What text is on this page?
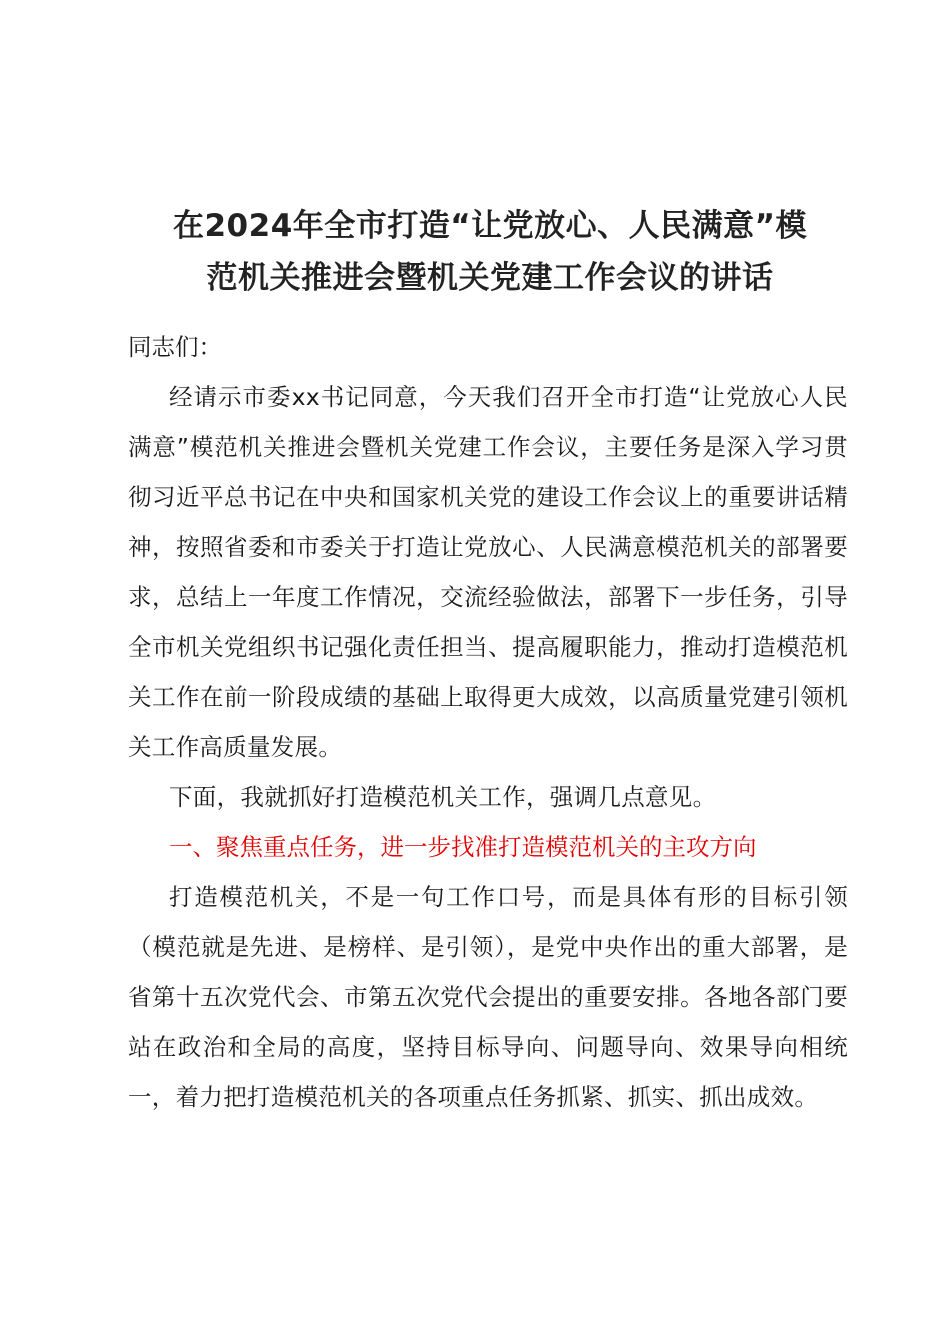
在2024年全市打造“让党放心、人民满意”模
范机关推进会暨机关党建工作会议的讲话

同志们：

经请示市委xx书记同意，今天我们召开全市打造“让党放心人民满意”模范机关推进会暨机关党建工作会议，主要任务是深入学习贯彻习近平总书记在中央和国家机关党的建设工作会议上的重要讲话精神，按照省委和市委关于打造让党放心、人民满意模范机关的部署要求，总结上一年度工作情况，交流经验做法，部署下一步任务，引导全市机关党组织书记强化责任担当、提高履职能力，推动打造模范机关工作在前一阶段成绩的基础上取得更大成效，以高质量党建引领机关工作高质量发展。

下面，我就抓好打造模范机关工作，强调几点意见。

一、聚焦重点任务，进一步找准打造模范机关的主攻方向

打造模范机关，不是一句工作口号，而是具体有形的目标引领（模范就是先进、是榜样、是引领），是党中央作出的重大部署，是省第十五次党代会、市第五次党代会提出的重要安排。各地各部门要站在政治和全局的高度，坚持目标导向、问题导向、效果导向相统一，着力把打造模范机关的各项重点任务抓紧、抓实、抓出成效。
